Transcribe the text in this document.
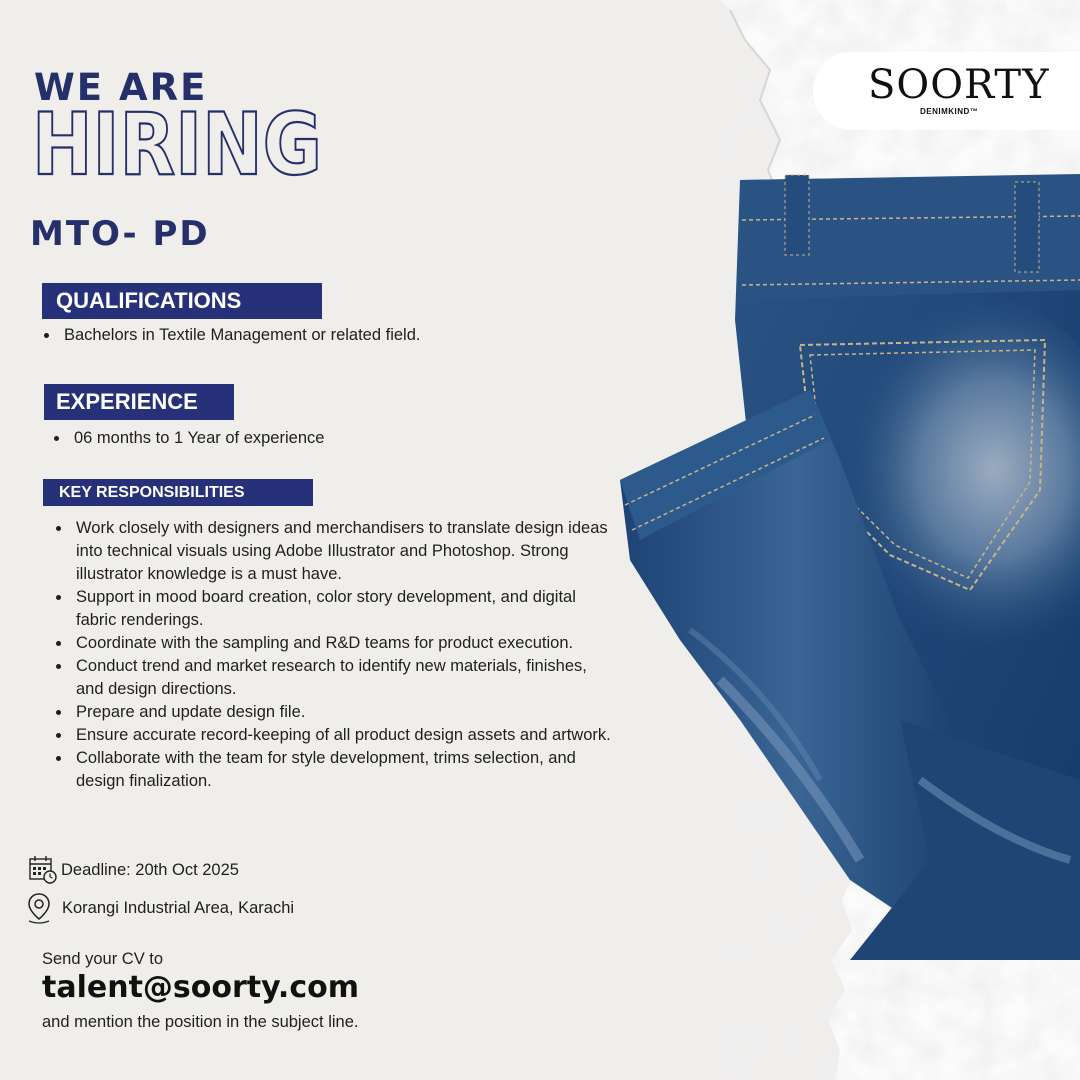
SOORTY
DENIMKIND™
WE ARE
HIRING
MTO- PD
QUALIFICATIONS
Bachelors in Textile Management or related field.
EXPERIENCE
06 months to 1 Year of experience
KEY RESPONSIBILITIES
Work closely with designers and merchandisers to translate design ideas into technical visuals using Adobe Illustrator and Photoshop. Strong illustrator knowledge is a must have.
Support in mood board creation, color story development, and digital fabric renderings.
Coordinate with the sampling and R&D teams for product execution.
Conduct trend and market research to identify new materials, finishes, and design directions.
Prepare and update design file.
Ensure accurate record-keeping of all product design assets and artwork.
Collaborate with the team for style development, trims selection, and design finalization.
Deadline: 20th Oct 2025
Korangi Industrial Area, Karachi
Send your CV to
talent@soorty.com
and mention the position in the subject line.
